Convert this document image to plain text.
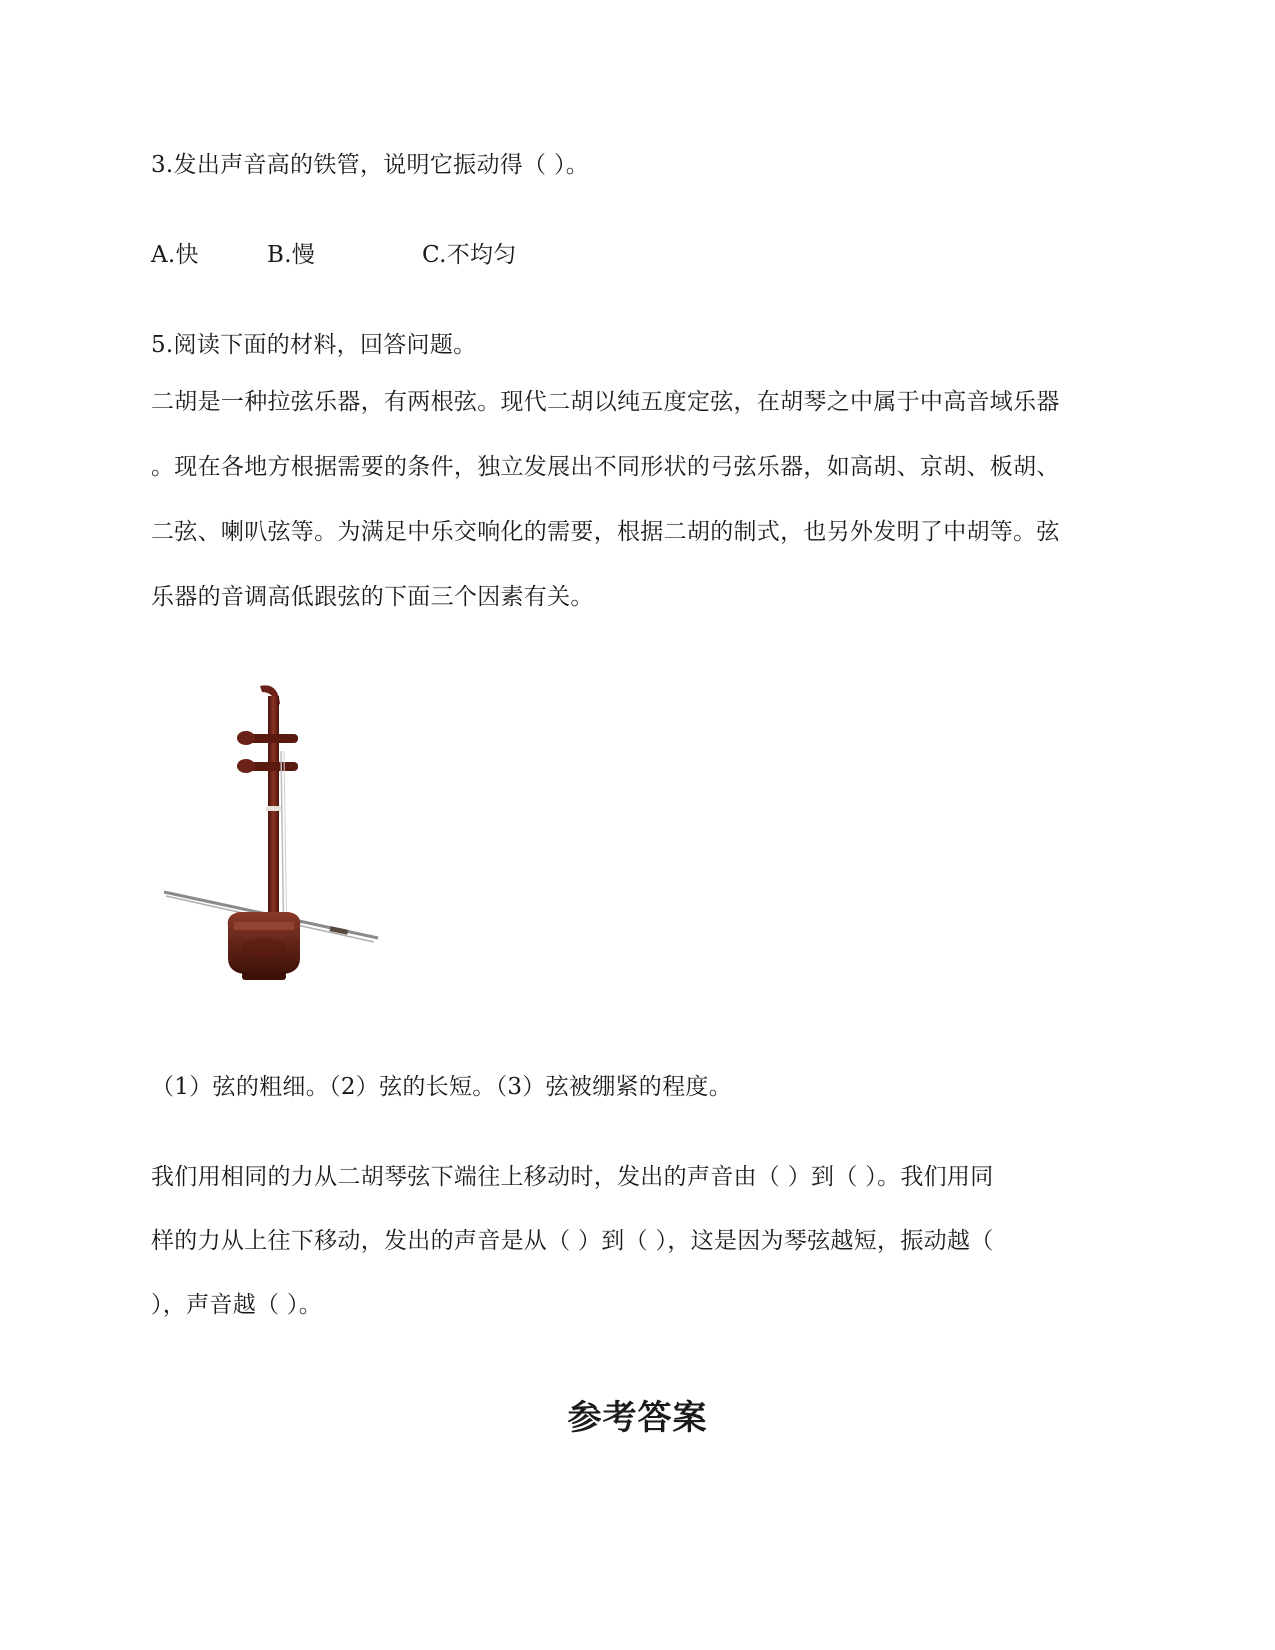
3.发出声音高的铁管，说明它振动得（ ）。
A.快	B.慢	C.不均匀
5.阅读下面的材料，回答问题。
二胡是一种拉弦乐器，有两根弦。现代二胡以纯五度定弦，在胡琴之中属于中高音域乐器
。现在各地方根据需要的条件，独立发展出不同形状的弓弦乐器，如高胡、京胡、板胡、
二弦、喇叭弦等。为满足中乐交响化的需要，根据二胡的制式，也另外发明了中胡等。弦
乐器的音调高低跟弦的下面三个因素有关。
（1）弦的粗细。（2）弦的长短。（3）弦被绷紧的程度。
我们用相同的力从二胡琴弦下端往上移动时，发出的声音由（ ）到（ ）。我们用同
样的力从上往下移动，发出的声音是从（ ）到（ ），这是因为琴弦越短，振动越（
），声音越（ ）。
参考答案
